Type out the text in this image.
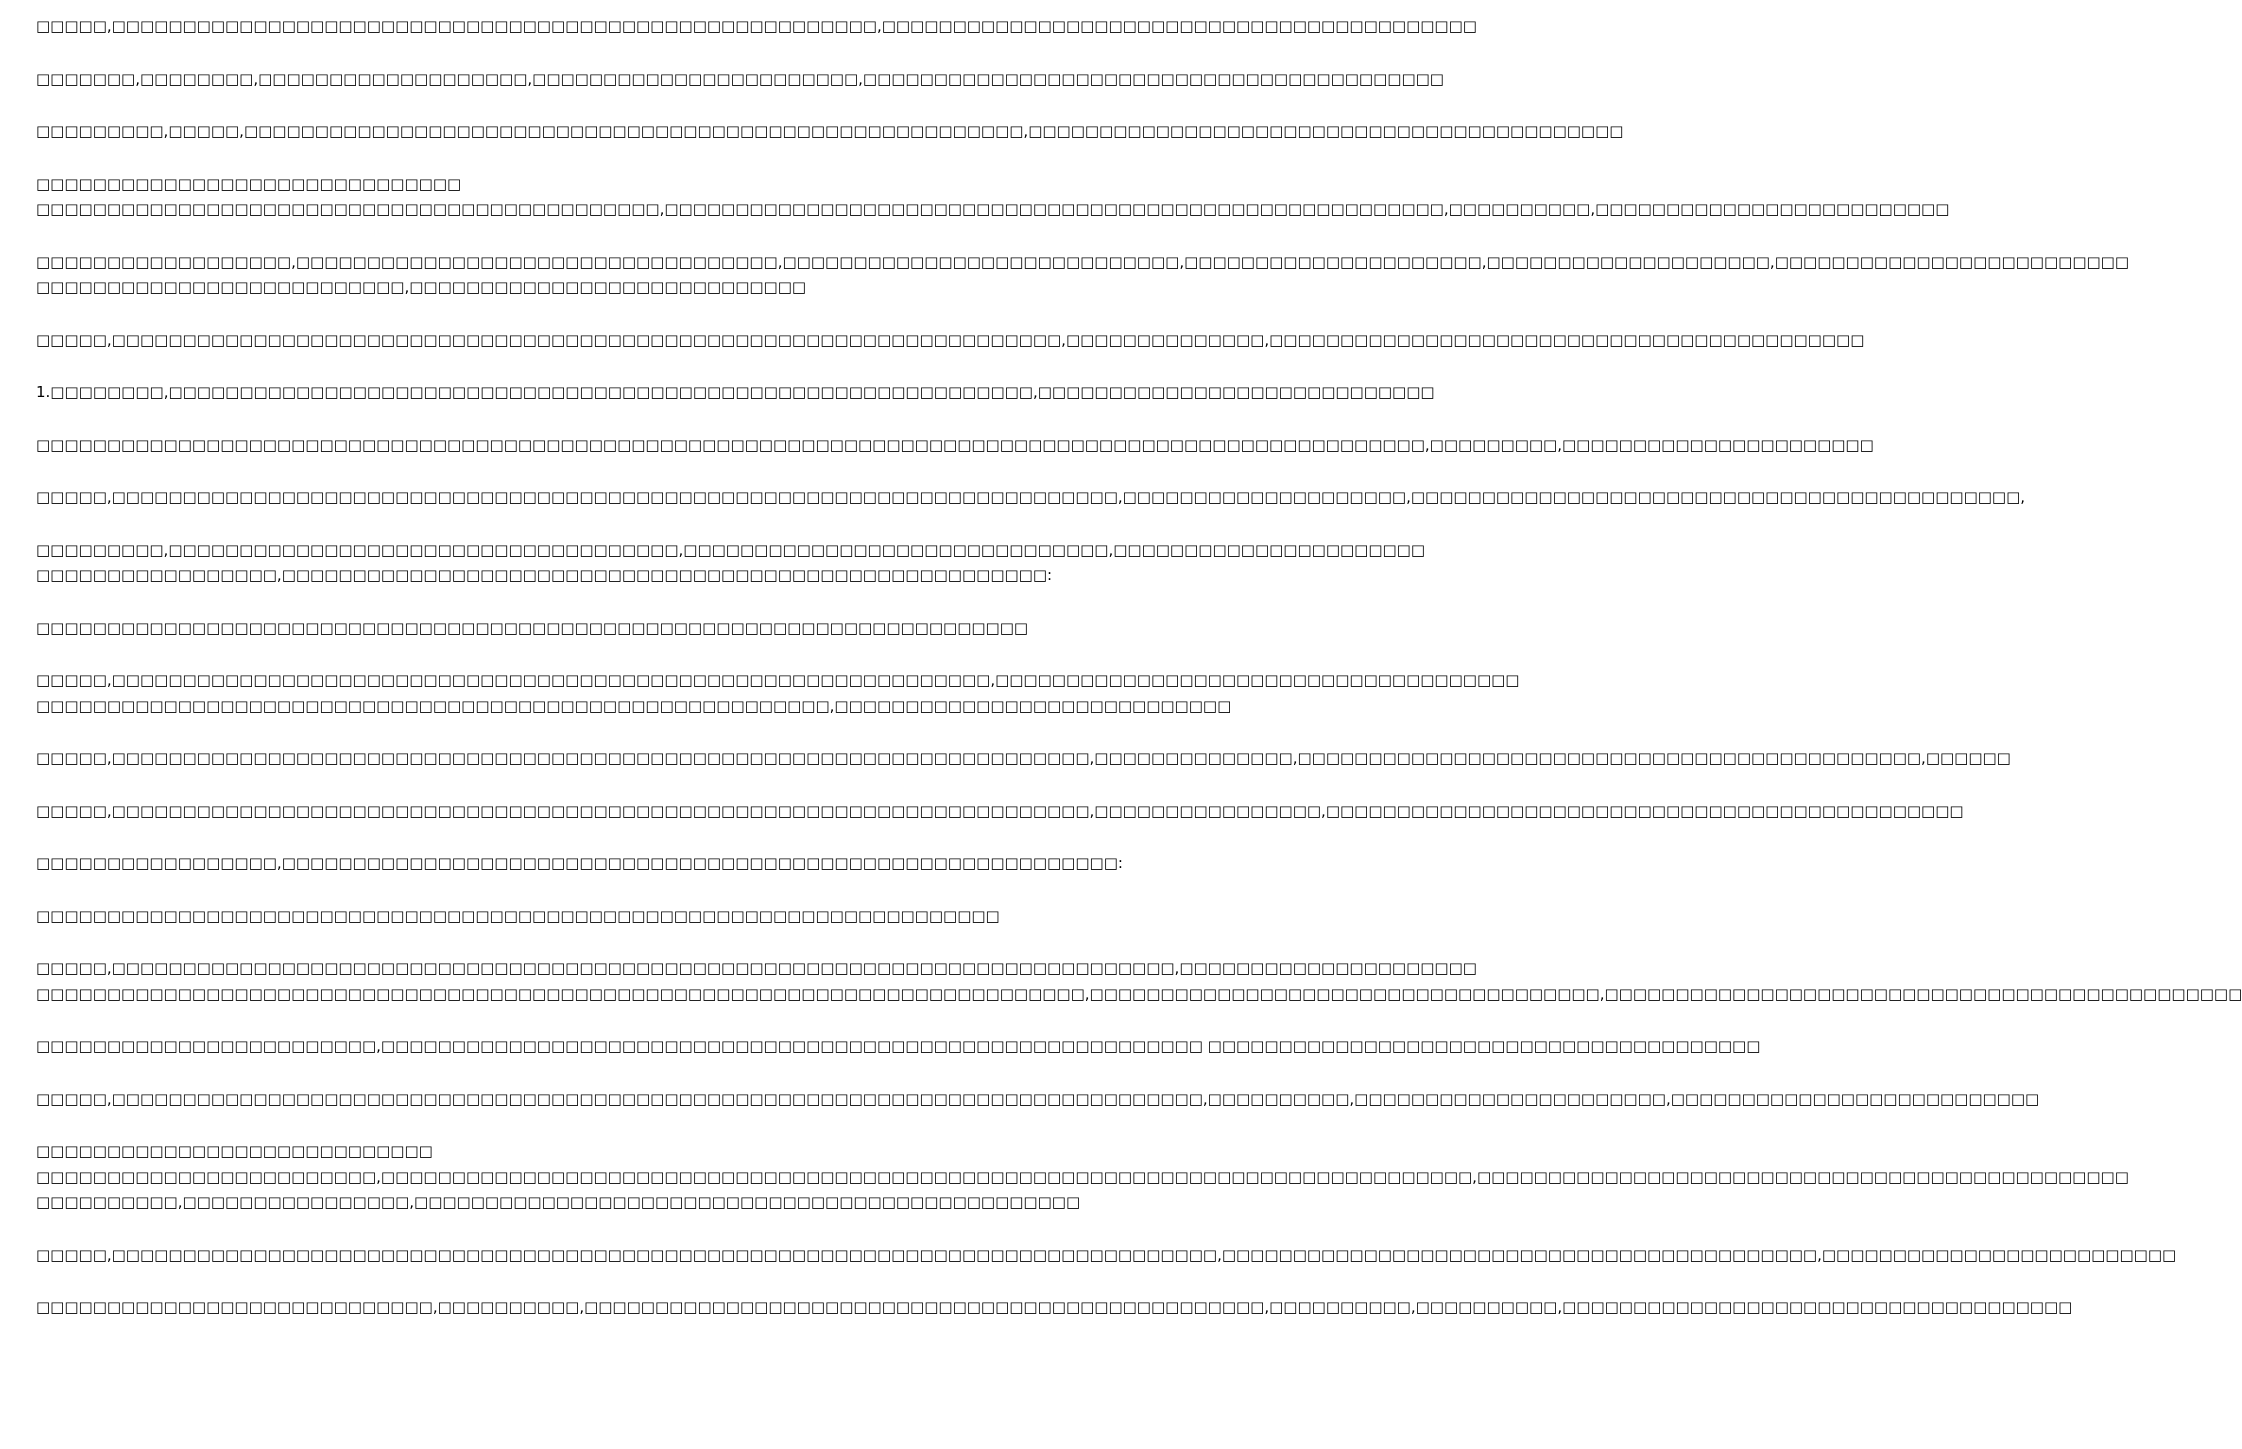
□□□□□,□□□□□□□□□□□□□□□□□□□□□□□□□□□□□□□□□□□□□□□□□□□□□□□□□□□□□□,□□□□□□□□□□□□□□□□□□□□□□□□□□□□□□□□□□□□□□□□□□
□□□□□□□,□□□□□□□□,□□□□□□□□□□□□□□□□□□□,□□□□□□□□□□□□□□□□□□□□□□□,□□□□□□□□□□□□□□□□□□□□□□□□□□□□□□□□□□□□□□□□□
□□□□□□□□□,□□□□□,□□□□□□□□□□□□□□□□□□□□□□□□□□□□□□□□□□□□□□□□□□□□□□□□□□□□□□□,□□□□□□□□□□□□□□□□□□□□□□□□□□□□□□□□□□□□□□□□□□
□□□□□□□□□□□□□□□□□□□□□□□□□□□□□□
□□□□□□□□□□□□□□□□□□□□□□□□□□□□□□□□□□□□□□□□□□□□,□□□□□□□□□□□□□□□□□□□□□□□□□□□□□□□□□□□□□□□□□□□□□□□□□□□□□□□,□□□□□□□□□□,□□□□□□□□□□□□□□□□□□□□□□□□□
□□□□□□□□□□□□□□□□□□,□□□□□□□□□□□□□□□□□□□□□□□□□□□□□□□□□□,□□□□□□□□□□□□□□□□□□□□□□□□□□□□,□□□□□□□□□□□□□□□□□□□□□,□□□□□□□□□□□□□□□□□□□□,□□□□□□□□□□□□□□□□□□□□□□□□□
□□□□□□□□□□□□□□□□□□□□□□□□□□,□□□□□□□□□□□□□□□□□□□□□□□□□□□□
□□□□□,□□□□□□□□□□□□□□□□□□□□□□□□□□□□□□□□□□□□□□□□□□□□□□□□□□□□□□□□□□□□□□□□□□□,□□□□□□□□□□□□□□,□□□□□□□□□□□□□□□□□□□□□□□□□□□□□□□□□□□□□□□□□□
1.□□□□□□□□,□□□□□□□□□□□□□□□□□□□□□□□□□□□□□□□□□□□□□□□□□□□□□□□□□□□□□□□□□□□□□,□□□□□□□□□□□□□□□□□□□□□□□□□□□□
□□□□□□□□□□□□□□□□□□□□□□□□□□□□□□□□□□□□□□□□□□□□□□□□□□□□□□□□□□□□□□□□□□□□□□□□□□□□□□□□□□□□□□□□□□□□□□□□□□,□□□□□□□□□,□□□□□□□□□□□□□□□□□□□□□□
□□□□□,□□□□□□□□□□□□□□□□□□□□□□□□□□□□□□□□□□□□□□□□□□□□□□□□□□□□□□□□□□□□□□□□□□□□□□□,□□□□□□□□□□□□□□□□□□□□,□□□□□□□□□□□□□□□□□□□□□□□□□□□□□□□□□□□□□□□□□□□,
□□□□□□□□□,□□□□□□□□□□□□□□□□□□□□□□□□□□□□□□□□□□□□,□□□□□□□□□□□□□□□□□□□□□□□□□□□□□□,□□□□□□□□□□□□□□□□□□□□□□
□□□□□□□□□□□□□□□□□,□□□□□□□□□□□□□□□□□□□□□□□□□□□□□□□□□□□□□□□□□□□□□□□□□□□□□□:
□□□□□□□□□□□□□□□□□□□□□□□□□□□□□□□□□□□□□□□□□□□□□□□□□□□□□□□□□□□□□□□□□□□□□□
□□□□□,□□□□□□□□□□□□□□□□□□□□□□□□□□□□□□□□□□□□□□□□□□□□□□□□□□□□□□□□□□□□□□,□□□□□□□□□□□□□□□□□□□□□□□□□□□□□□□□□□□□□
□□□□□□□□□□□□□□□□□□□□□□□□□□□□□□□□□□□□□□□□□□□□□□□□□□□□□□□□,□□□□□□□□□□□□□□□□□□□□□□□□□□□□
□□□□□,□□□□□□□□□□□□□□□□□□□□□□□□□□□□□□□□□□□□□□□□□□□□□□□□□□□□□□□□□□□□□□□□□□□□□,□□□□□□□□□□□□□□,□□□□□□□□□□□□□□□□□□□□□□□□□□□□□□□□□□□□□□□□□□□□,□□□□□□
□□□□□,□□□□□□□□□□□□□□□□□□□□□□□□□□□□□□□□□□□□□□□□□□□□□□□□□□□□□□□□□□□□□□□□□□□□□,□□□□□□□□□□□□□□□□,□□□□□□□□□□□□□□□□□□□□□□□□□□□□□□□□□□□□□□□□□□□□□
□□□□□□□□□□□□□□□□□,□□□□□□□□□□□□□□□□□□□□□□□□□□□□□□□□□□□□□□□□□□□□□□□□□□□□□□□□□□□:
□□□□□□□□□□□□□□□□□□□□□□□□□□□□□□□□□□□□□□□□□□□□□□□□□□□□□□□□□□□□□□□□□□□□
□□□□□,□□□□□□□□□□□□□□□□□□□□□□□□□□□□□□□□□□□□□□□□□□□□□□□□□□□□□□□□□□□□□□□□□□□□□□□□□□□,□□□□□□□□□□□□□□□□□□□□□
□□□□□□□□□□□□□□□□□□□□□□□□□□□□□□□□□□□□□□□□□□□□□□□□□□□□□□□□□□□□□□□□□□□□□□□□□□,□□□□□□□□□□□□□□□□□□□□□□□□□□□□□□□□□□□□,□□□□□□□□□□□□□□□□□□□□□□□□□□□□□□□□□□□□□□□□□□□□□
□□□□□□□□□□□□□□□□□□□□□□□□,□□□□□□□□□□□□□□□□□□□□□□□□□□□□□□□□□□□□□□□□□□□□□□□□□□□□□□□□□□ □□□□□□□□□□□□□□□□□□□□□□□□□□□□□□□□□□□□□□□
□□□□□,□□□□□□□□□□□□□□□□□□□□□□□□□□□□□□□□□□□□□□□□□□□□□□□□□□□□□□□□□□□□□□□□□□□□□□□□□□□□□,□□□□□□□□□□,□□□□□□□□□□□□□□□□□□□□□□,□□□□□□□□□□□□□□□□□□□□□□□□□□
□□□□□□□□□□□□□□□□□□□□□□□□□□□□
□□□□□□□□□□□□□□□□□□□□□□□□,□□□□□□□□□□□□□□□□□□□□□□□□□□□□□□□□□□□□□□□□□□□□□□□□□□□□□□□□□□□□□□□□□□□□□□□□□□□□□,□□□□□□□□□□□□□□□□□□□□□□□□□□□□□□□□□□□□□□□□□□□□□□
□□□□□□□□□□,□□□□□□□□□□□□□□□□,□□□□□□□□□□□□□□□□□□□□□□□□□□□□□□□□□□□□□□□□□□□□□□□
□□□□□,□□□□□□□□□□□□□□□□□□□□□□□□□□□□□□□□□□□□□□□□□□□□□□□□□□□□□□□□□□□□□□□□□□□□□□□□□□□□□□,□□□□□□□□□□□□□□□□□□□□□□□□□□□□□□□□□□□□□□□□□□,□□□□□□□□□□□□□□□□□□□□□□□□□
□□□□□□□□□□□□□□□□□□□□□□□□□□□□,□□□□□□□□□□,□□□□□□□□□□□□□□□□□□□□□□□□□□□□□□□□□□□□□□□□□□□□□□□□,□□□□□□□□□□,□□□□□□□□□□,□□□□□□□□□□□□□□□□□□□□□□□□□□□□□□□□□□□□
